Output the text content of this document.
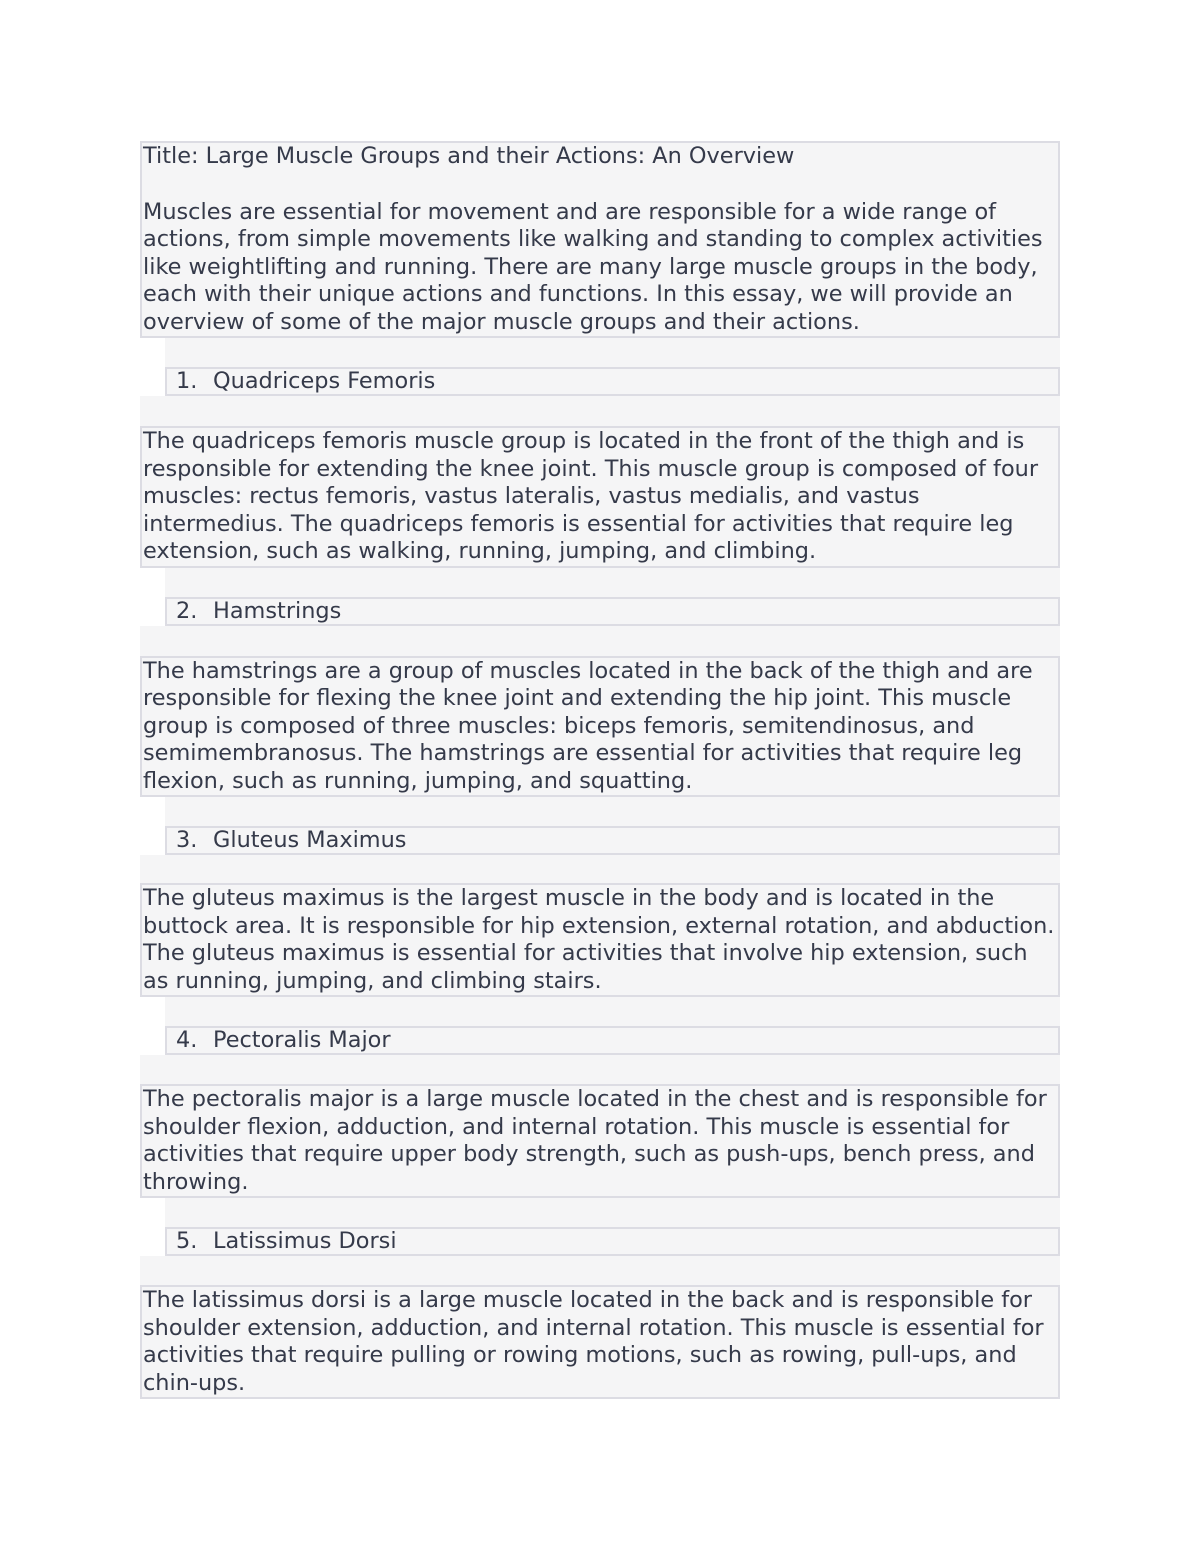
Title: Large Muscle Groups and their Actions: An Overview

Muscles are essential for movement and are responsible for a wide range of actions, from simple movements like walking and standing to complex activities like weightlifting and running. There are many large muscle groups in the body, each with their unique actions and functions. In this essay, we will provide an overview of some of the major muscle groups and their actions.

1. Quadriceps Femoris

The quadriceps femoris muscle group is located in the front of the thigh and is responsible for extending the knee joint. This muscle group is composed of four muscles: rectus femoris, vastus lateralis, vastus medialis, and vastus intermedius. The quadriceps femoris is essential for activities that require leg extension, such as walking, running, jumping, and climbing.

2. Hamstrings

The hamstrings are a group of muscles located in the back of the thigh and are responsible for flexing the knee joint and extending the hip joint. This muscle group is composed of three muscles: biceps femoris, semitendinosus, and semimembranosus. The hamstrings are essential for activities that require leg flexion, such as running, jumping, and squatting.

3. Gluteus Maximus

The gluteus maximus is the largest muscle in the body and is located in the buttock area. It is responsible for hip extension, external rotation, and abduction. The gluteus maximus is essential for activities that involve hip extension, such as running, jumping, and climbing stairs.

4. Pectoralis Major

The pectoralis major is a large muscle located in the chest and is responsible for shoulder flexion, adduction, and internal rotation. This muscle is essential for activities that require upper body strength, such as push-ups, bench press, and throwing.

5. Latissimus Dorsi

The latissimus dorsi is a large muscle located in the back and is responsible for shoulder extension, adduction, and internal rotation. This muscle is essential for activities that require pulling or rowing motions, such as rowing, pull-ups, and chin-ups.
